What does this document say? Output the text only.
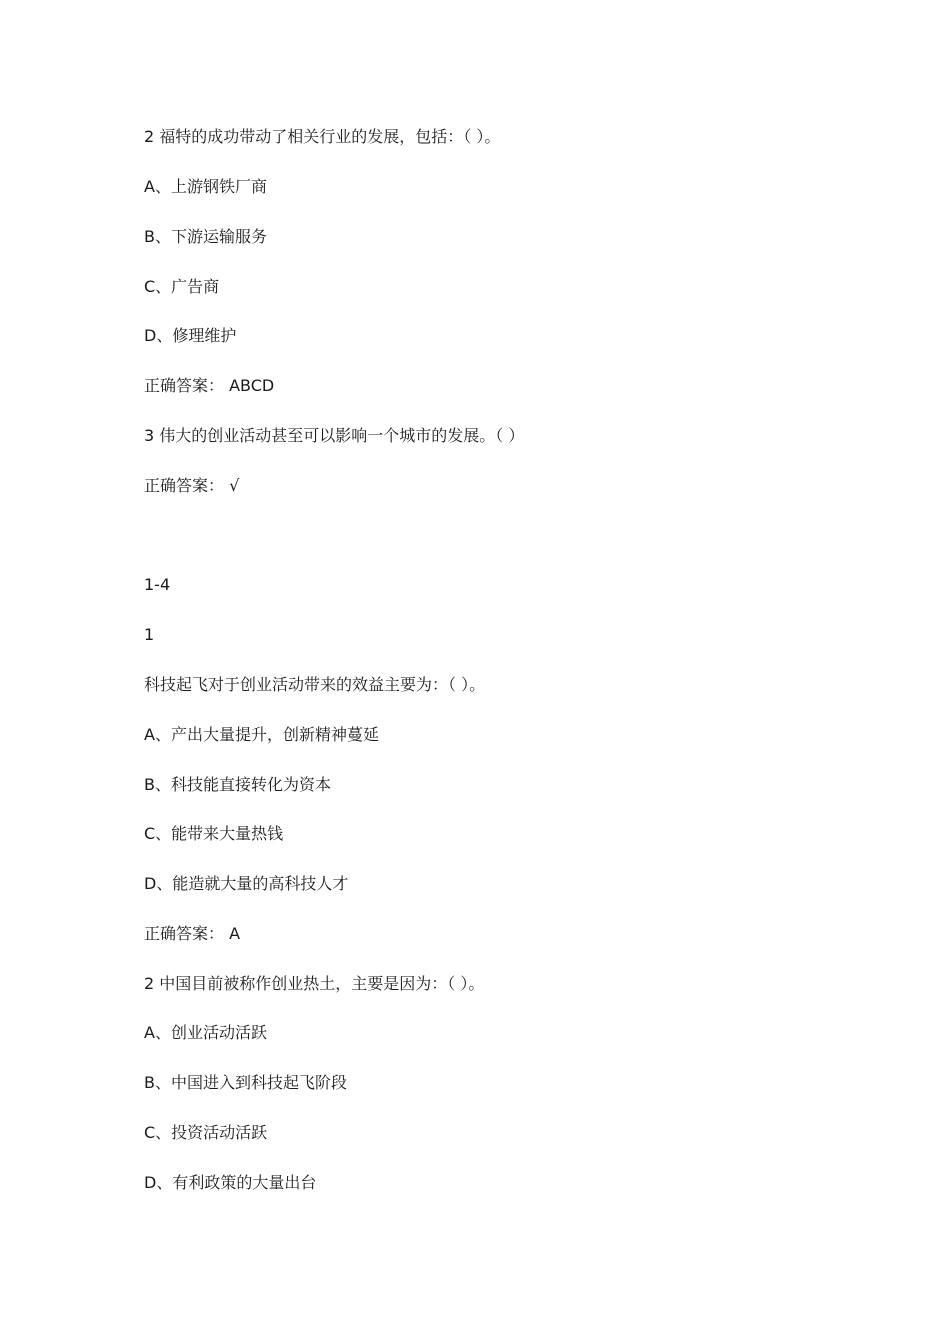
2 福特的成功带动了相关行业的发展，包括：（ ）。
A、上游钢铁厂商
B、下游运输服务
C、广告商
D、修理维护
正确答案： ABCD
3 伟大的创业活动甚至可以影响一个城市的发展。（ ）
正确答案： √
1-4
1
科技起飞对于创业活动带来的效益主要为：（ ）。
A、产出大量提升，创新精神蔓延
B、科技能直接转化为资本
C、能带来大量热钱
D、能造就大量的高科技人才
正确答案： A
2 中国目前被称作创业热土，主要是因为：（ ）。
A、创业活动活跃
B、中国进入到科技起飞阶段
C、投资活动活跃
D、有利政策的大量出台
